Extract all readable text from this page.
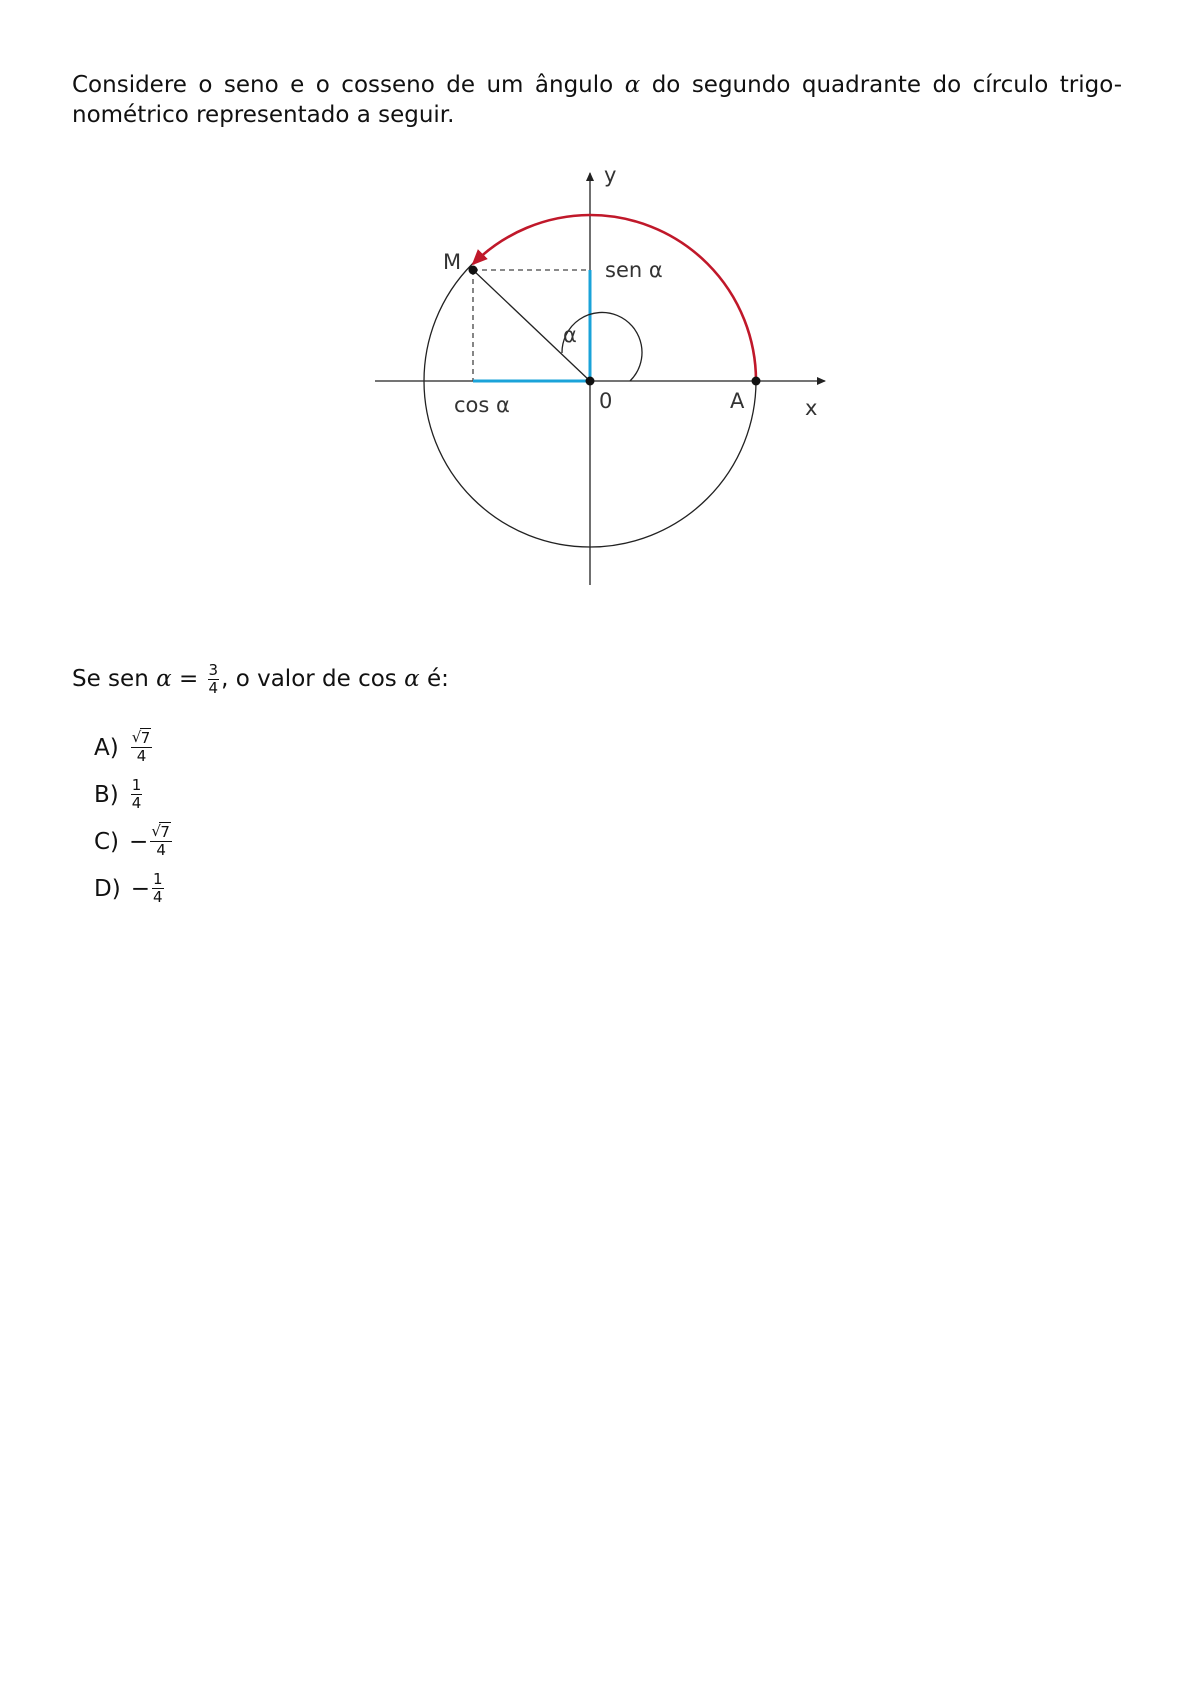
Considere o seno e o cosseno de um ângulo α do segundo quadrante do círculo trigo-
nométrico representado a seguir.

y
x
M	sen α
α
cos α	0	A

Se sen $\alpha = \frac{3}{4}$ , o valor de cos α é:

$A) \frac{√ 7}{4}$
$B) \frac{1}{4}$
$C) - \frac{√ 7}{4}$
$D) - \frac{1}{4}$
